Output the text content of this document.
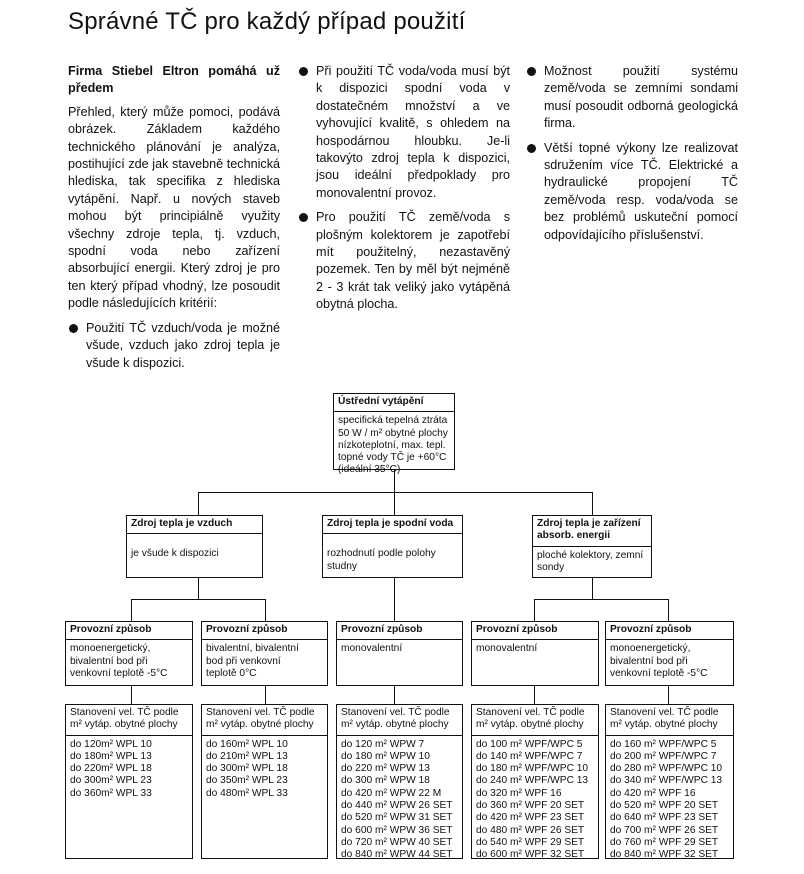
Správné TČ pro každý případ použití
Firma Stiebel Eltron pomáhá už předem

Přehled, který může pomoci, podává obrázek. Základem každého technického plánování je analýza, postihující zde jak stavebně technická hlediska, tak specifika z hlediska vytápění. Např. u nových staveb mohou být principiálně využity všechny zdroje tepla, tj. vzduch, spodní voda nebo zařízení absorbující energii. Který zdroj je pro ten který případ vhodný, lze posoudit podle následujících kritérií:

Použití TČ vzduch/voda je možné všude, vzduch jako zdroj tepla je všude k dispozici.
Při použití TČ voda/voda musí být k dispozici spodní voda v dostatečném množství a ve vyhovující kvalitě, s ohledem na hospodárnou hloubku. Je-li takovýto zdroj tepla k dispozici, jsou ideální předpoklady pro monovalentní provoz.
Pro použití TČ země/voda s plošným kolektorem je zapotřebí mít použitelný, nezastavěný pozemek. Ten by měl být nejméně 2 - 3 krát tak veliký jako vytápěná obytná plocha.
Možnost použití systému země/voda se zemními sondami musí posoudit odborná geologická firma.
Větší topné výkony lze realizovat sdružením více TČ. Elektrické a hydraulické propojení TČ země/voda resp. voda/voda se bez problémů uskuteční pomocí odpovídajícího příslušenství.
Ústřední vytápění
specifická tepelná ztráta
50 W / m² obytné plochy
nízkoteplotní, max. tepl.
topné vody TČ je +60°C
(ideální 35°C)
Zdroj tepla je vzduch
je všude k dispozici
Zdroj tepla je spodní voda
rozhodnutí podle polohy studny
Zdroj tepla je zařízení absorb. energii
ploché kolektory, zemní sondy
Provozní způsob
monoenergetický,
bivalentní bod při
venkovní teplotě -5°C
Provozní způsob
bivalentní, bivalentní
bod při venkovní
teplotě 0°C
Provozní způsob
monovalentní
Provozní způsob
monovalentní
Provozní způsob
monoenergetický,
bivalentní bod při
venkovní teplotě -5°C
Stanovení vel. TČ podle
m² vytáp. obytné plochy
do 120m² WPL 10
do 180m² WPL 13
do 220m² WPL 18
do 300m² WPL 23
do 360m² WPL 33
Stanovení vel. TČ podle
m² vytáp. obytné plochy
do 160m² WPL 10
do 210m² WPL 13
do 300m² WPL 18
do 350m² WPL 23
do 480m² WPL 33
Stanovení vel. TČ podle
m² vytáp. obytné plochy
do 120 m² WPW 7
do 180 m² WPW 10
do 220 m² WPW 13
do 300 m² WPW 18
do 420 m² WPW 22 M
do 440 m² WPW 26 SET
do 520 m² WPW 31 SET
do 600 m² WPW 36 SET
do 720 m² WPW 40 SET
do 840 m² WPW 44 SET
Stanovení vel. TČ podle
m² vytáp. obytné plochy
do 100 m² WPF/WPC 5
do 140 m² WPF/WPC 7
do 180 m² WPF/WPC 10
do 240 m² WPF/WPC 13
do 320 m² WPF 16
do 360 m² WPF 20 SET
do 420 m² WPF 23 SET
do 480 m² WPF 26 SET
do 540 m² WPF 29 SET
do 600 m² WPF 32 SET
Stanovení vel. TČ podle
m² vytáp. obytné plochy
do 160 m² WPF/WPC 5
do 200 m² WPF/WPC 7
do 280 m² WPF/WPC 10
do 340 m² WPF/WPC 13
do 420 m² WPF 16
do 520 m² WPF 20 SET
do 640 m² WPF 23 SET
do 700 m² WPF 26 SET
do 760 m² WPF 29 SET
do 840 m² WPF 32 SET
